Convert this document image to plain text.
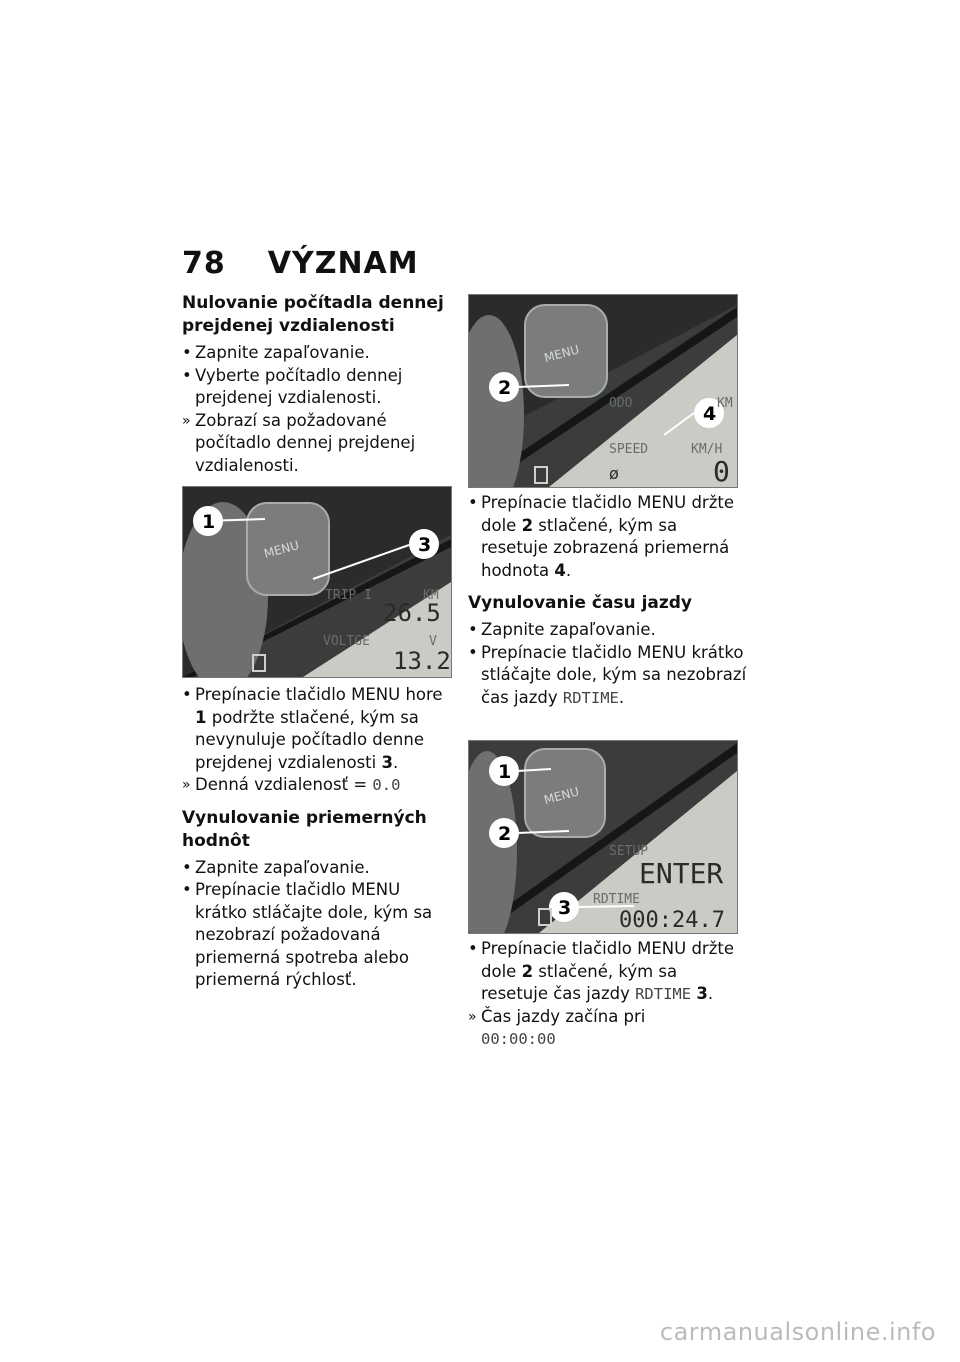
78 VÝZNAM
Nulovanie počítadla dennej prejdenej vzdialenosti
• Zapnite zapaľovanie.
• Vyberte počítadlo dennej prejdenej vzdialenosti.
» Zobrazí sa požadované počítadlo dennej prejdenej vzdialenosti.
MENU
1
3
TRIP I	KM
26.5
VOLTGE	V
13.2
• Prepínacie tlačidlo MENU hore 1 podržte stlačené, kým sa nevynuluje počítadlo denne prejdenej vzdialenosti 3.
» Denná vzdialenosť = 0.0
Vynulovanie priemerných hodnôt
• Zapnite zapaľovanie.
• Prepínacie tlačidlo MENU krátko stláčajte dole, kým sa nezobrazí požadovaná priemerná spotreba alebo priemerná rýchlosť.
MENU
2
4
ODO	KM
SPEED	KM/H
ø	0
• Prepínacie tlačidlo MENU držte dole 2 stlačené, kým sa resetuje zobrazená priemerná hodnota 4.
Vynulovanie času jazdy
• Zapnite zapaľovanie.
• Prepínacie tlačidlo MENU krátko stláčajte dole, kým sa nezobrazí čas jazdy RDTIME.
MENU
1
2
3
SETUP
ENTER
RDTIME
000:24.7
• Prepínacie tlačidlo MENU držte dole 2 stlačené, kým sa resetuje čas jazdy RDTIME 3.
» Čas jazdy začína pri
00:00:00
carmanualsonline.info
